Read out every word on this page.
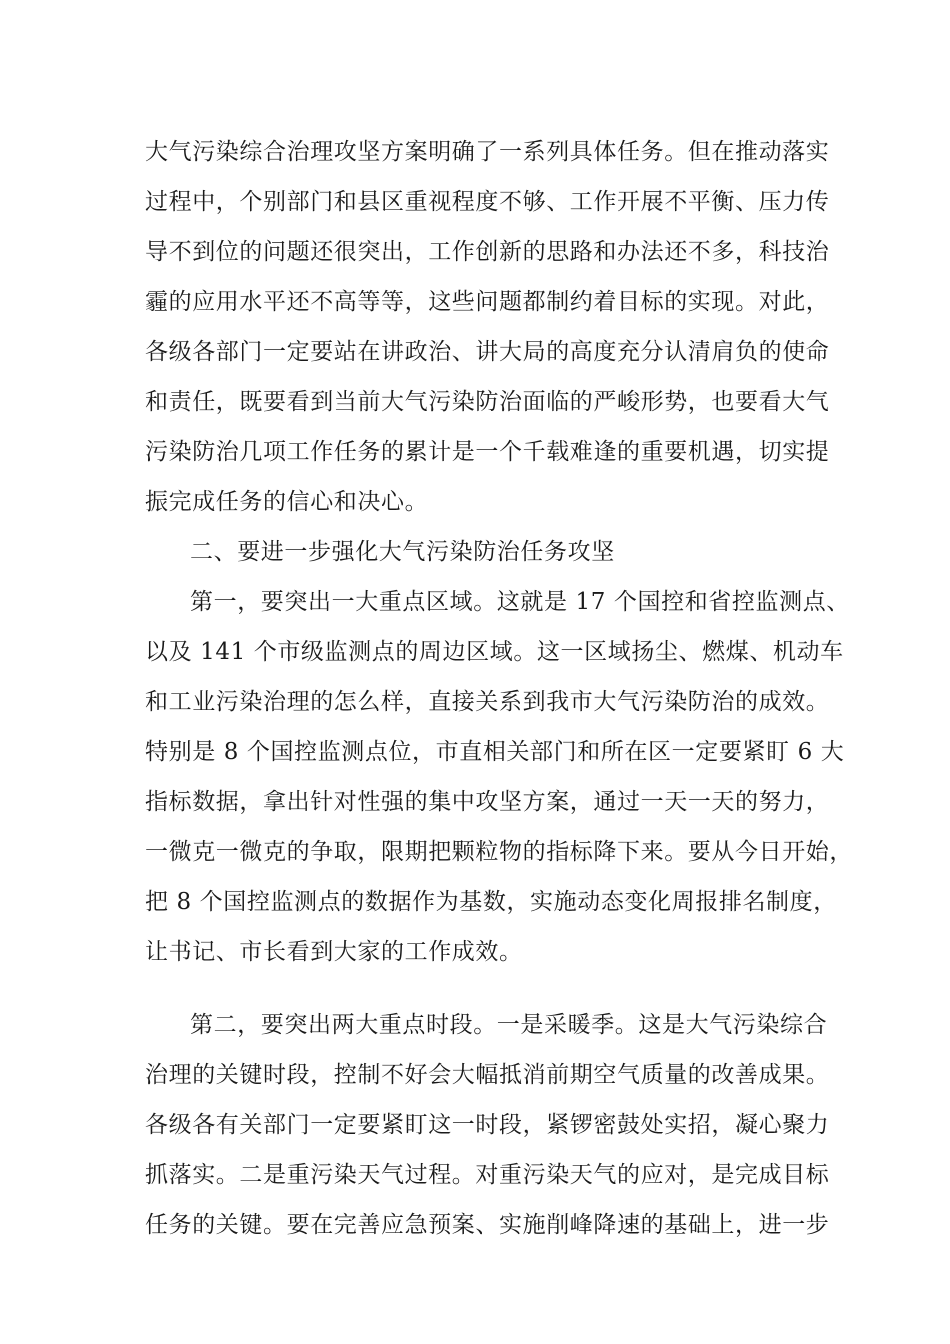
大气污染综合治理攻坚方案明确了一系列具体任务。但在推动落实
过程中，个别部门和县区重视程度不够、工作开展不平衡、压力传
导不到位的问题还很突出，工作创新的思路和办法还不多，科技治
霾的应用水平还不高等等，这些问题都制约着目标的实现。对此，
各级各部门一定要站在讲政治、讲大局的高度充分认清肩负的使命
和责任，既要看到当前大气污染防治面临的严峻形势，也要看大气
污染防治几项工作任务的累计是一个千载难逢的重要机遇，切实提
振完成任务的信心和决心。
二、要进一步强化大气污染防治任务攻坚
第一，要突出一大重点区域。这就是 17 个国控和省控监测点、
以及 141 个市级监测点的周边区域。这一区域扬尘、燃煤、机动车
和工业污染治理的怎么样，直接关系到我市大气污染防治的成效。
特别是 8 个国控监测点位，市直相关部门和所在区一定要紧盯 6 大
指标数据，拿出针对性强的集中攻坚方案，通过一天一天的努力，
一微克一微克的争取，限期把颗粒物的指标降下来。要从今日开始，
把 8 个国控监测点的数据作为基数，实施动态变化周报排名制度，
让书记、市长看到大家的工作成效。
第二，要突出两大重点时段。一是采暖季。这是大气污染综合
治理的关键时段，控制不好会大幅抵消前期空气质量的改善成果。
各级各有关部门一定要紧盯这一时段，紧锣密鼓处实招，凝心聚力
抓落实。二是重污染天气过程。对重污染天气的应对，是完成目标
任务的关键。要在完善应急预案、实施削峰降速的基础上，进一步
